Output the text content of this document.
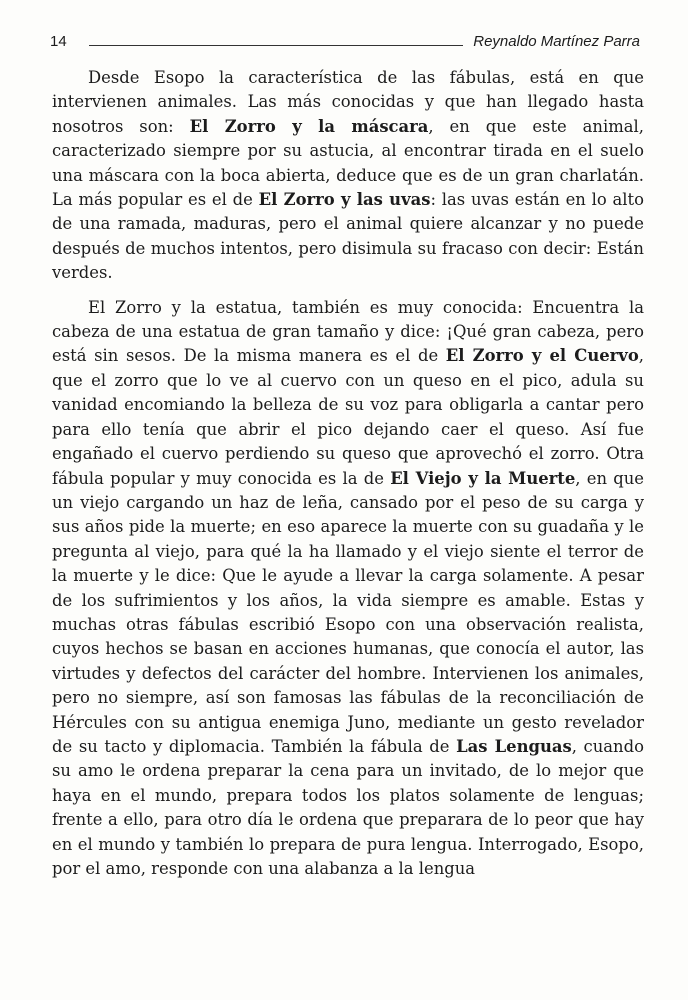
14	Reynaldo Martínez Parra

Desde Esopo la característica de las fábulas, está en que intervienen animales. Las más conocidas y que han llegado hasta nosotros son: El Zorro y la máscara, en que este animal, caracterizado siempre por su astucia, al encontrar tirada en el suelo una máscara con la boca abierta, deduce que es de un gran charlatán. La más popular es el de El Zorro y las uvas: las uvas están en lo alto de una ramada, maduras, pero el animal quiere alcanzar y no puede después de muchos intentos, pero disimula su fracaso con decir: Están verdes.

El Zorro y la estatua, también es muy conocida: Encuentra la cabeza de una estatua de gran tamaño y dice: ¡Qué gran cabeza, pero está sin sesos. De la misma manera es el de El Zorro y el Cuervo, que el zorro que lo ve al cuervo con un queso en el pico, adula su vanidad encomiando la belleza de su voz para obligarla a cantar pero para ello tenía que abrir el pico dejando caer el queso. Así fue engañado el cuervo perdiendo su queso que aprovechó el zorro. Otra fábula popular y muy conocida es la de El Viejo y la Muerte, en que un viejo cargando un haz de leña, cansado por el peso de su carga y sus años pide la muerte; en eso aparece la muerte con su guadaña y le pregunta al viejo, para qué la ha llamado y el viejo siente el terror de la muerte y le dice: Que le ayude a llevar la carga solamente. A pesar de los sufrimientos y los años, la vida siempre es amable. Estas y muchas otras fábulas escribió Esopo con una observación realista, cuyos hechos se basan en acciones humanas, que conocía el autor, las virtudes y defectos del carácter del hombre. Intervienen los animales, pero no siempre, así son famosas las fábulas de la reconciliación de Hércules con su antigua enemiga Juno, mediante un gesto revelador de su tacto y diplomacia. También la fábula de Las Lenguas, cuando su amo le ordena preparar la cena para un invitado, de lo mejor que haya en el mundo, prepara todos los platos solamente de lenguas; frente a ello, para otro día le ordena que preparara de lo peor que hay en el mundo y también lo prepara de pura lengua. Interrogado, Esopo, por el amo, responde con una alabanza a la lengua
